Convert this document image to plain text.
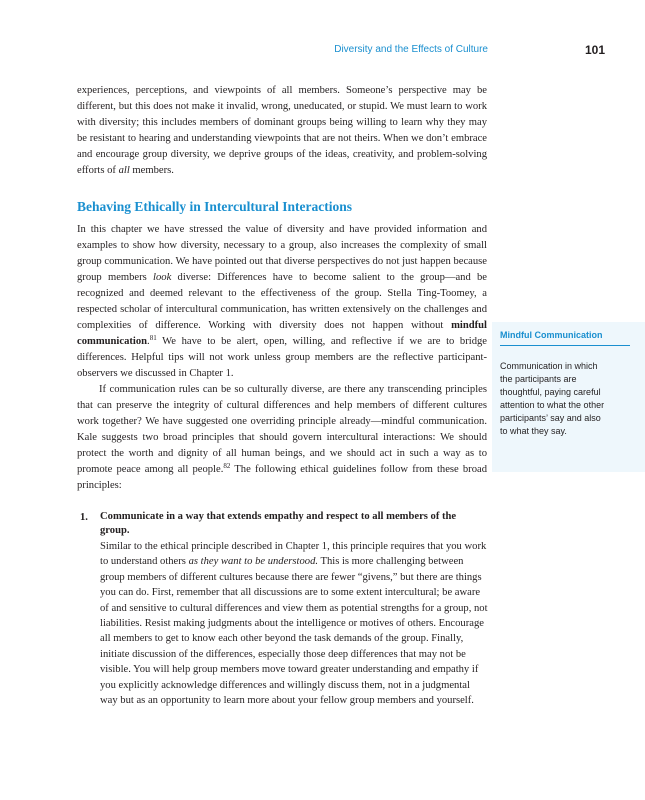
Diversity and the Effects of Culture	101

experiences, perceptions, and viewpoints of all members. Someone’s perspective may be different, but this does not make it invalid, wrong, uneducated, or stupid. We must learn to work with diversity; this includes members of dominant groups being willing to learn why they may be resistant to hearing and understanding viewpoints that are not theirs. When we don’t embrace and encourage group diversity, we deprive groups of the ideas, creativity, and problem-solving efforts of all members.

Behaving Ethically in Intercultural Interactions

In this chapter we have stressed the value of diversity and have provided information and examples to show how diversity, necessary to a group, also increases the complexity of small group communication. We have pointed out that diverse perspectives do not just happen because group members look diverse: Differences have to become salient to the group—and be recognized and deemed relevant to the effectiveness of the group. Stella Ting-Toomey, a respected scholar of intercultural communication, has written extensively on the challenges and complexities of difference. Working with diversity does not happen without mindful communication.$^{81}$ We have to be alert, open, willing, and reflective if we are to bridge differences. Helpful tips will not work unless group members are the reflective participant-observers we discussed in Chapter 1.

If communication rules can be so culturally diverse, are there any transcending principles that can preserve the integrity of cultural differences and help members of different cultures work together? We have suggested one overriding principle already—mindful communication. Kale suggests two broad principles that should govern intercultural interactions: We should protect the worth and dignity of all human beings, and we should act in such a way as to promote peace among all people.$^{82}$ The following ethical guidelines follow from these broad principles:

1. Communicate in a way that extends empathy and respect to all members of the group.

Similar to the ethical principle described in Chapter 1, this principle requires that you work to understand others as they want to be understood. This is more challenging between group members of different cultures because there are fewer “givens,” but there are things you can do. First, remember that all discussions are to some extent intercultural; be aware of and sensitive to cultural differences and view them as potential strengths for a group, not liabilities. Resist making judgments about the intelligence or motives of others. Encourage all members to get to know each other beyond the task demands of the group. Finally, initiate discussion of the differences, especially those deep differences that may not be visible. You will help group members move toward greater understanding and empathy if you explicitly acknowledge differences and willingly discuss them, not in a judgmental way but as an opportunity to learn more about your fellow group members and yourself.

Mindful Communication

Communication in which the participants are thoughtful, paying careful attention to what the other participants’ say and also to what they say.
